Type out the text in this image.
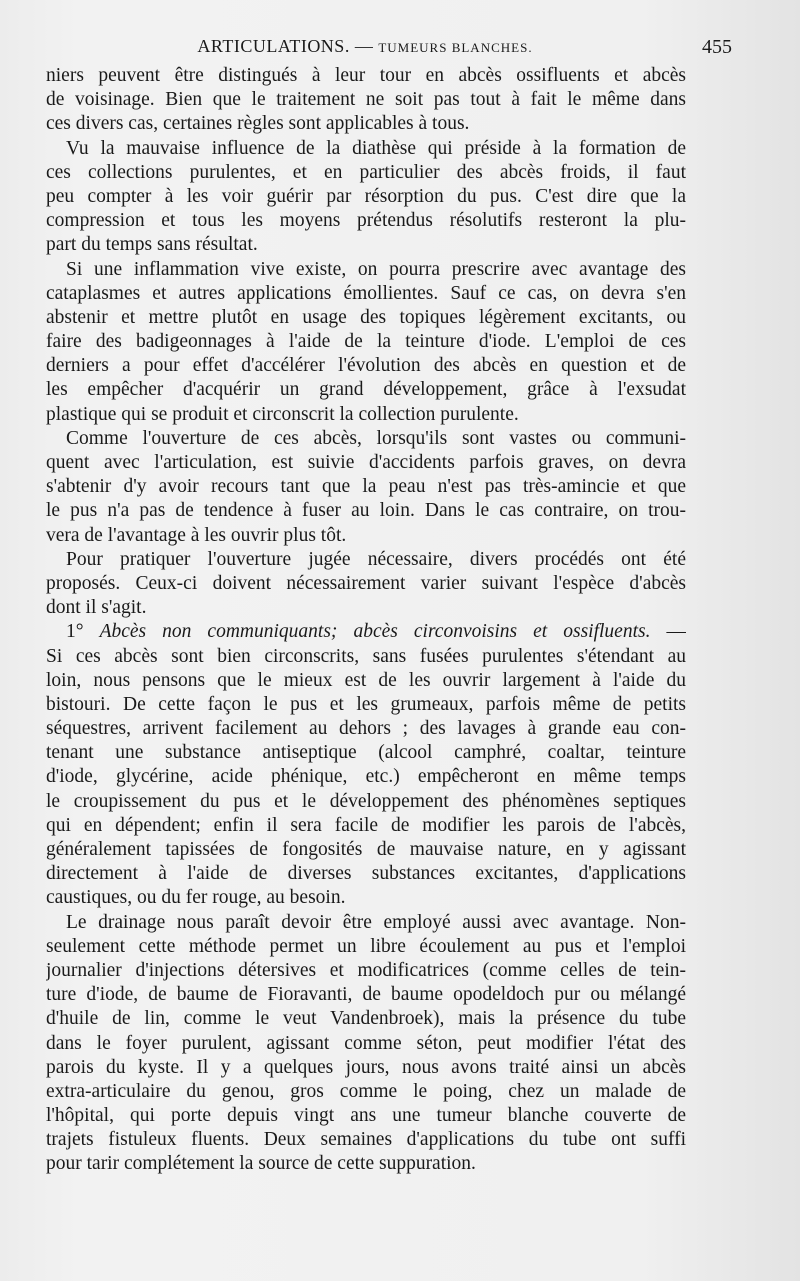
ARTICULATIONS. — TUMEURS BLANCHES.	455
niers peuvent être distingués à leur tour en abcès ossifluents et abcès
de voisinage. Bien que le traitement ne soit pas tout à fait le même dans
ces divers cas, certaines règles sont applicables à tous.
Vu la mauvaise influence de la diathèse qui préside à la formation de
ces collections purulentes, et en particulier des abcès froids, il faut
peu compter à les voir guérir par résorption du pus. C'est dire que la
compression et tous les moyens prétendus résolutifs resteront la plu-
part du temps sans résultat.
Si une inflammation vive existe, on pourra prescrire avec avantage des
cataplasmes et autres applications émollientes. Sauf ce cas, on devra s'en
abstenir et mettre plutôt en usage des topiques légèrement excitants, ou
faire des badigeonnages à l'aide de la teinture d'iode. L'emploi de ces
derniers a pour effet d'accélérer l'évolution des abcès en question et de
les empêcher d'acquérir un grand développement, grâce à l'exsudat
plastique qui se produit et circonscrit la collection purulente.
Comme l'ouverture de ces abcès, lorsqu'ils sont vastes ou communi-
quent avec l'articulation, est suivie d'accidents parfois graves, on devra
s'abtenir d'y avoir recours tant que la peau n'est pas très-amincie et que
le pus n'a pas de tendence à fuser au loin. Dans le cas contraire, on trou-
vera de l'avantage à les ouvrir plus tôt.
Pour pratiquer l'ouverture jugée nécessaire, divers procédés ont été
proposés. Ceux-ci doivent nécessairement varier suivant l'espèce d'abcès
dont il s'agit.
1° Abcès non communiquants; abcès circonvoisins et ossifluents. —
Si ces abcès sont bien circonscrits, sans fusées purulentes s'étendant au
loin, nous pensons que le mieux est de les ouvrir largement à l'aide du
bistouri. De cette façon le pus et les grumeaux, parfois même de petits
séquestres, arrivent facilement au dehors ; des lavages à grande eau con-
tenant une substance antiseptique (alcool camphré, coaltar, teinture
d'iode, glycérine, acide phénique, etc.) empêcheront en même temps
le croupissement du pus et le développement des phénomènes septiques
qui en dépendent; enfin il sera facile de modifier les parois de l'abcès,
généralement tapissées de fongosités de mauvaise nature, en y agissant
directement à l'aide de diverses substances excitantes, d'applications
caustiques, ou du fer rouge, au besoin.
Le drainage nous paraît devoir être employé aussi avec avantage. Non-
seulement cette méthode permet un libre écoulement au pus et l'emploi
journalier d'injections détersives et modificatrices (comme celles de tein-
ture d'iode, de baume de Fioravanti, de baume opodeldoch pur ou mélangé
d'huile de lin, comme le veut Vandenbroek), mais la présence du tube
dans le foyer purulent, agissant comme séton, peut modifier l'état des
parois du kyste. Il y a quelques jours, nous avons traité ainsi un abcès
extra-articulaire du genou, gros comme le poing, chez un malade de
l'hôpital, qui porte depuis vingt ans une tumeur blanche couverte de
trajets fistuleux fluents. Deux semaines d'applications du tube ont suffi
pour tarir complétement la source de cette suppuration.
